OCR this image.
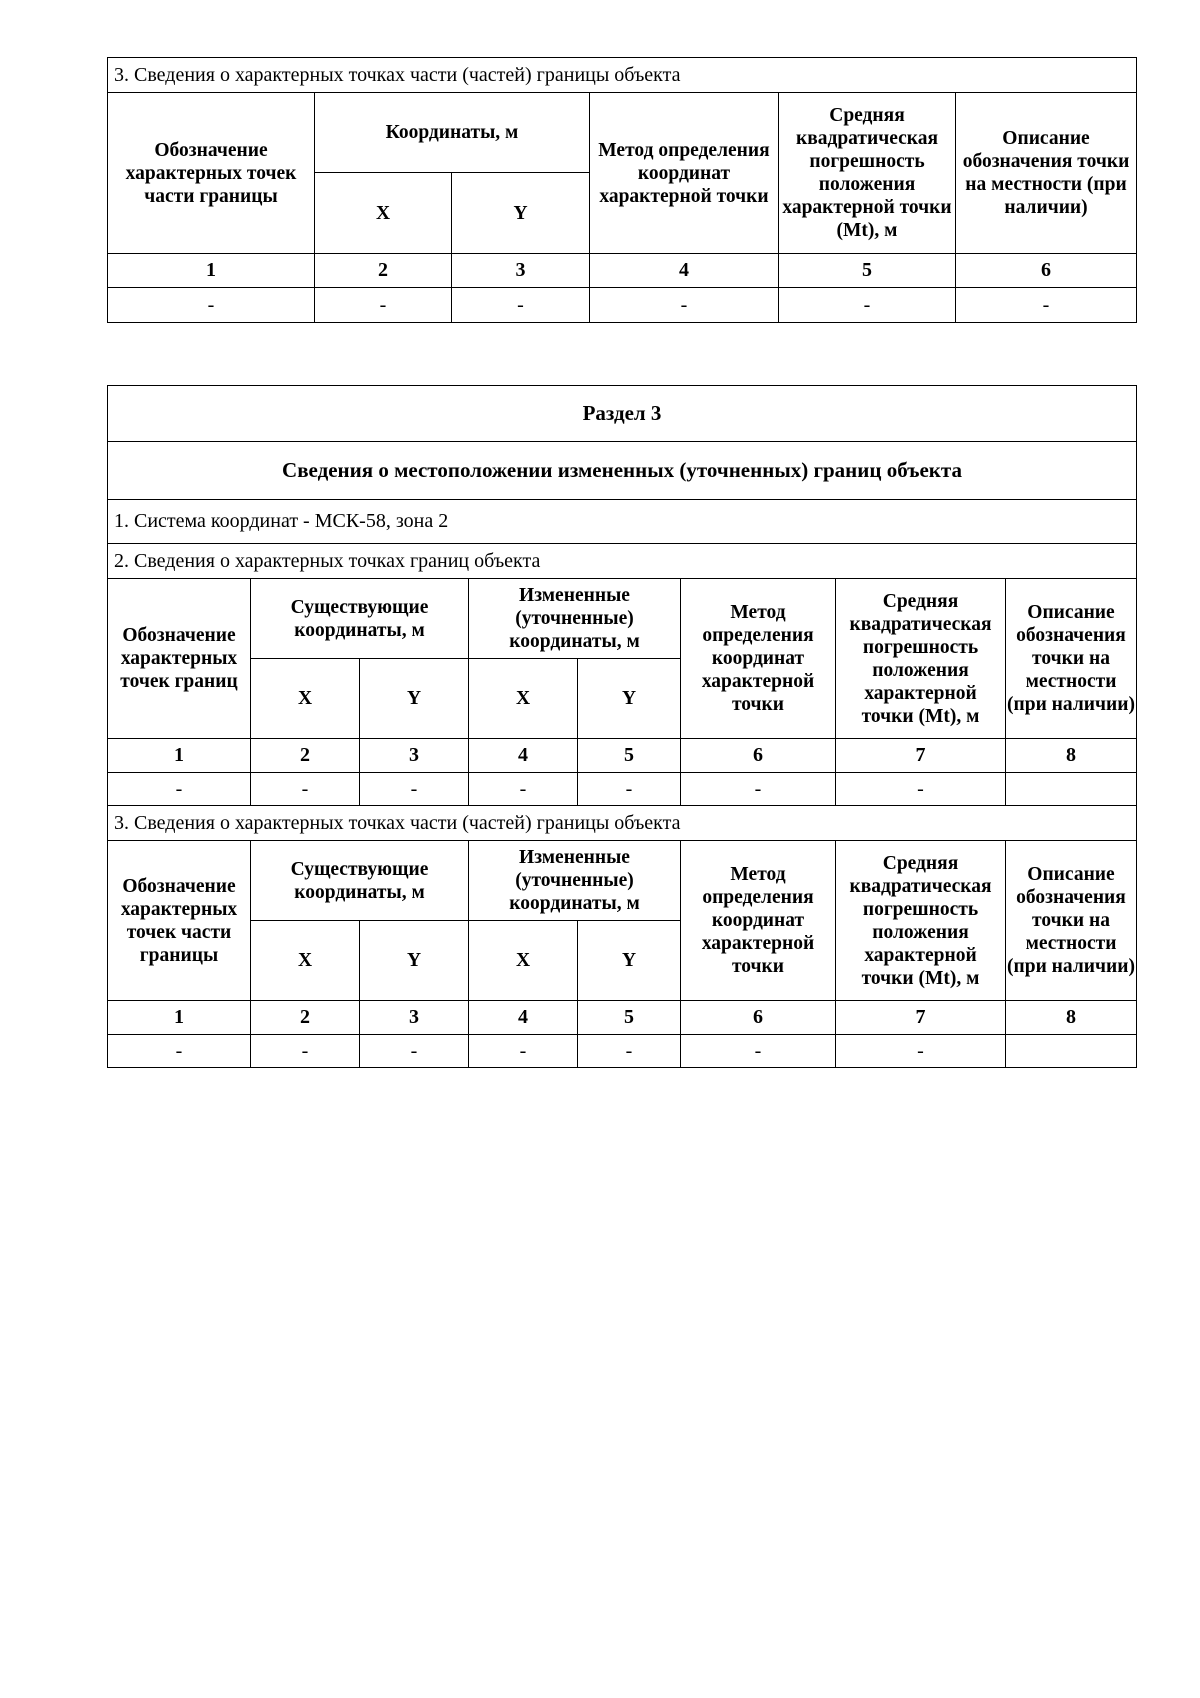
3. Сведения о характерных точках части (частей) границы объекта					
Обозначение характерных точек части границы	Координаты, м		Метод определения координат характерной точки	Средняя квадратическая погрешность положения характерной точки (Mt), м	Описание обозначения точки на местности (при наличии)
	X	Y			
1	2	3	4	5	6
-	-	-	-	-	-
Раздел 3							
Сведения о местоположении измененных (уточненных) границ объекта							
1. Система координат - МСК-58, зона 2							
2. Сведения о характерных точках границ объекта							
Обозначение характерных точек границ	Существующие координаты, м		Измененные (уточненные) координаты, м		Метод определения координат характерной точки	Средняя квадратическая погрешность положения характерной точки (Mt), м	Описание обозначения точки на местности (при наличии)
	X	Y	X	Y			
1	2	3	4	5	6	7	8
-	-	-	-	-	-	-	
3. Сведения о характерных точках части (частей) границы объекта							
Обозначение характерных точек части границы	Существующие координаты, м		Измененные (уточненные) координаты, м		Метод определения координат характерной точки	Средняя квадратическая погрешность положения характерной точки (Mt), м	Описание обозначения точки на местности (при наличии)
	X	Y	X	Y			
1	2	3	4	5	6	7	8
-	-	-	-	-	-	-	
